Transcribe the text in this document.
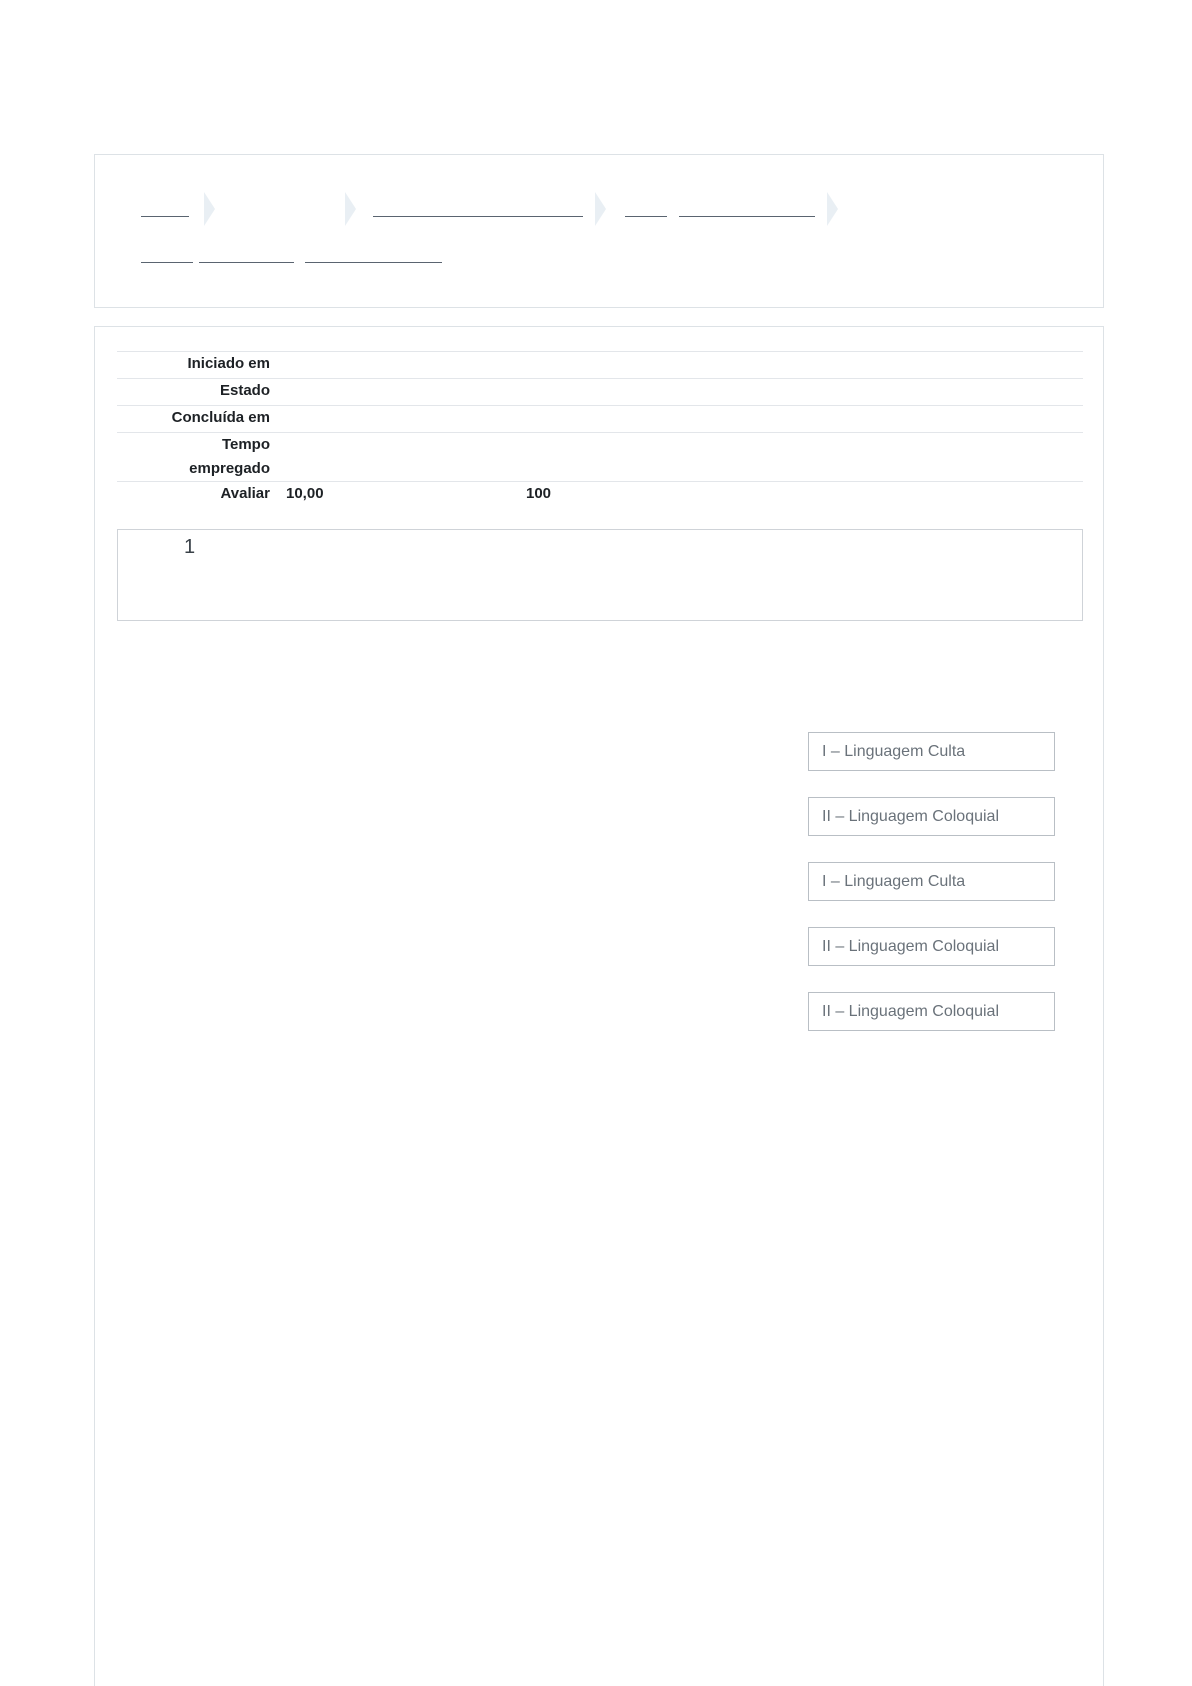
Iniciado em
Estado
Concluída em
Tempo empregado
Avaliar 10,00	100
1
I – Linguagem Culta
II – Linguagem Coloquial
I – Linguagem Culta
II – Linguagem Coloquial
II – Linguagem Coloquial
